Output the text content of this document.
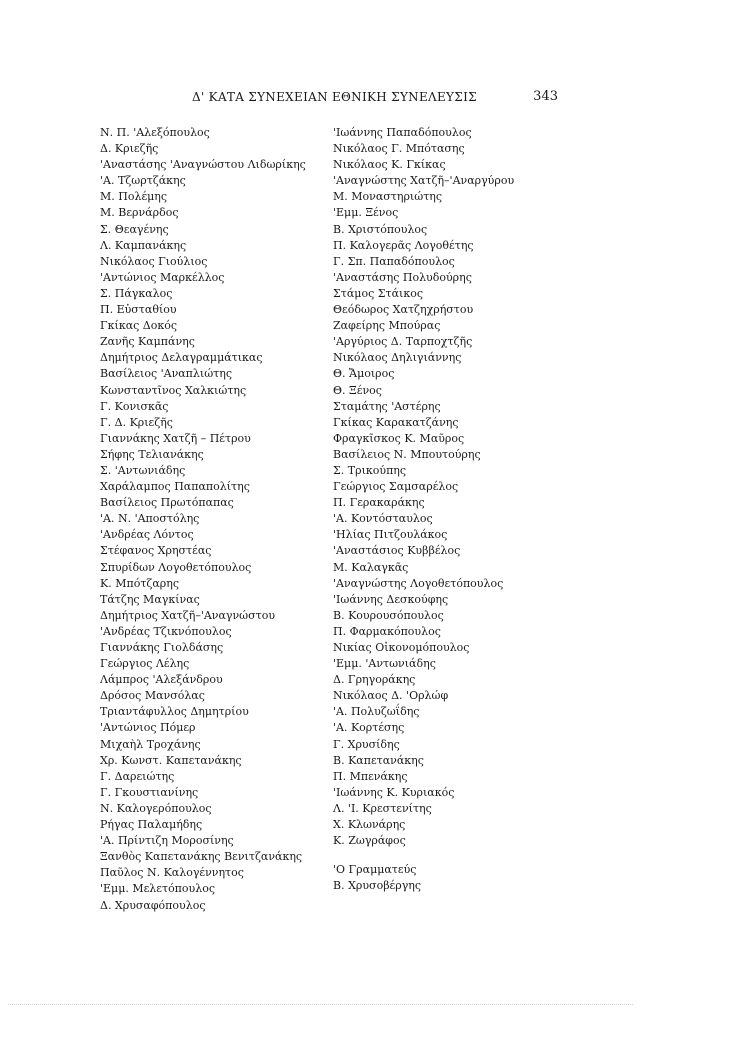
Δ' ΚΑΤΑ ΣΥΝΕΧΕΙΑΝ ΕΘΝΙΚΗ ΣΥΝΕΛΕΥΣΙΣ	343
Ν. Π. 'Αλεξόπουλος
Δ. Κριεζῆς
'Αναστάσης 'Αναγνώστου Λιδωρίκης
'Α. Τζωρτζάκης
Μ. Πολέμης
Μ. Βερνάρδος
Σ. Θεαγένης
Λ. Καμπανάκης
Νικόλαος Γιούλιος
'Αντώνιος Μαρκέλλος
Σ. Πάγκαλος
Π. Εὐσταθίου
Γκίκας Δοκός
Ζανῆς Καμπάνης
Δημήτριος Δελαγραμμάτικας
Βασίλειος 'Αναπλιώτης
Κωνσταντῖνος Χαλκιώτης
Γ. Κονισκᾶς
Γ. Δ. Κριεζῆς
Γιαννάκης Χατζῆ – Πέτρου
Σήφης Τελιανάκης
Σ. 'Αντωνιάδης
Χαράλαμπος Παπαπολίτης
Βασίλειος Πρωτόπαπας
'Α. Ν. 'Αποστόλης
'Ανδρέας Λόντος
Στέφανος Χρηστέας
Σπυρίδων Λογοθετόπουλος
Κ. Μπότζαρης
Τάτζης Μαγκίνας
Δημήτριος Χατζῆ–'Αναγνώστου
'Ανδρέας Τζικνόπουλος
Γιαννάκης Γιολδάσης
Γεώργιος Λέλης
Λάμπρος 'Αλεξάνδρου
Δρόσος Μανσόλας
Τριαντάφυλλος Δημητρίου
'Αντώνιος Πόμερ
Μιχαὴλ Τροχάνης
Χρ. Κωνστ. Καπετανάκης
Γ. Δαρειώτης
Γ. Γκουστιανίνης
Ν. Καλογερόπουλος
Ρήγας Παλαμήδης
'Α. Πρίντιζη Μοροσίνης
Ξανθὸς Καπετανάκης Βενιτζανάκης
Παῦλος Ν. Καλογέννητος
'Εμμ. Μελετόπουλος
Δ. Χρυσαφόπουλος
'Ιωάννης Παπαδόπουλος
Νικόλαος Γ. Μπότασης
Νικόλαος Κ. Γκίκας
'Αναγνώστης Χατζῆ–'Αναργύρου
Μ. Μοναστηριώτης
'Εμμ. Ξένος
Β. Χριστόπουλος
Π. Καλογερᾶς Λογοθέτης
Γ. Σπ. Παπαδόπουλος
'Αναστάσης Πολυδούρης
Στάμος Στάικος
Θεόδωρος Χατζηχρήστου
Ζαφείρης Μπούρας
'Αργύριος Δ. Ταρποχτζῆς
Νικόλαος Δηλιγιάννης
Θ. Ἄμοιρος
Θ. Ξένος
Σταμάτης 'Αστέρης
Γκίκας Καρακατζάνης
Φραγκῖσκος Κ. Μαῦρος
Βασίλειος Ν. Μπουτούρης
Σ. Τρικούπης
Γεώργιος Σαμσαρέλος
Π. Γερακαράκης
'Α. Κοντόσταυλος
'Ηλίας Πιτζουλάκος
'Αναστάσιος Κυββέλος
Μ. Καλαγκᾶς
'Αναγνώστης Λογοθετόπουλος
'Ιωάννης Δεσκούφης
Β. Κουρουσόπουλος
Π. Φαρμακόπουλος
Νικίας Οἰκονομόπουλος
'Εμμ. 'Αντωνιάδης
Δ. Γρηγοράκης
Νικόλαος Δ. 'Ορλώφ
'Α. Πολυζωΐδης
'Α. Κορτέσης
Γ. Χρυσίδης
Β. Καπετανάκης
Π. Μπενάκης
'Ιωάννης Κ. Κυριακός
Λ. 'Ι. Κρεστενίτης
Χ. Κλωνάρης
Κ. Ζωγράφος
'Ο Γραμματεύς
Β. Χρυσοβέργης
